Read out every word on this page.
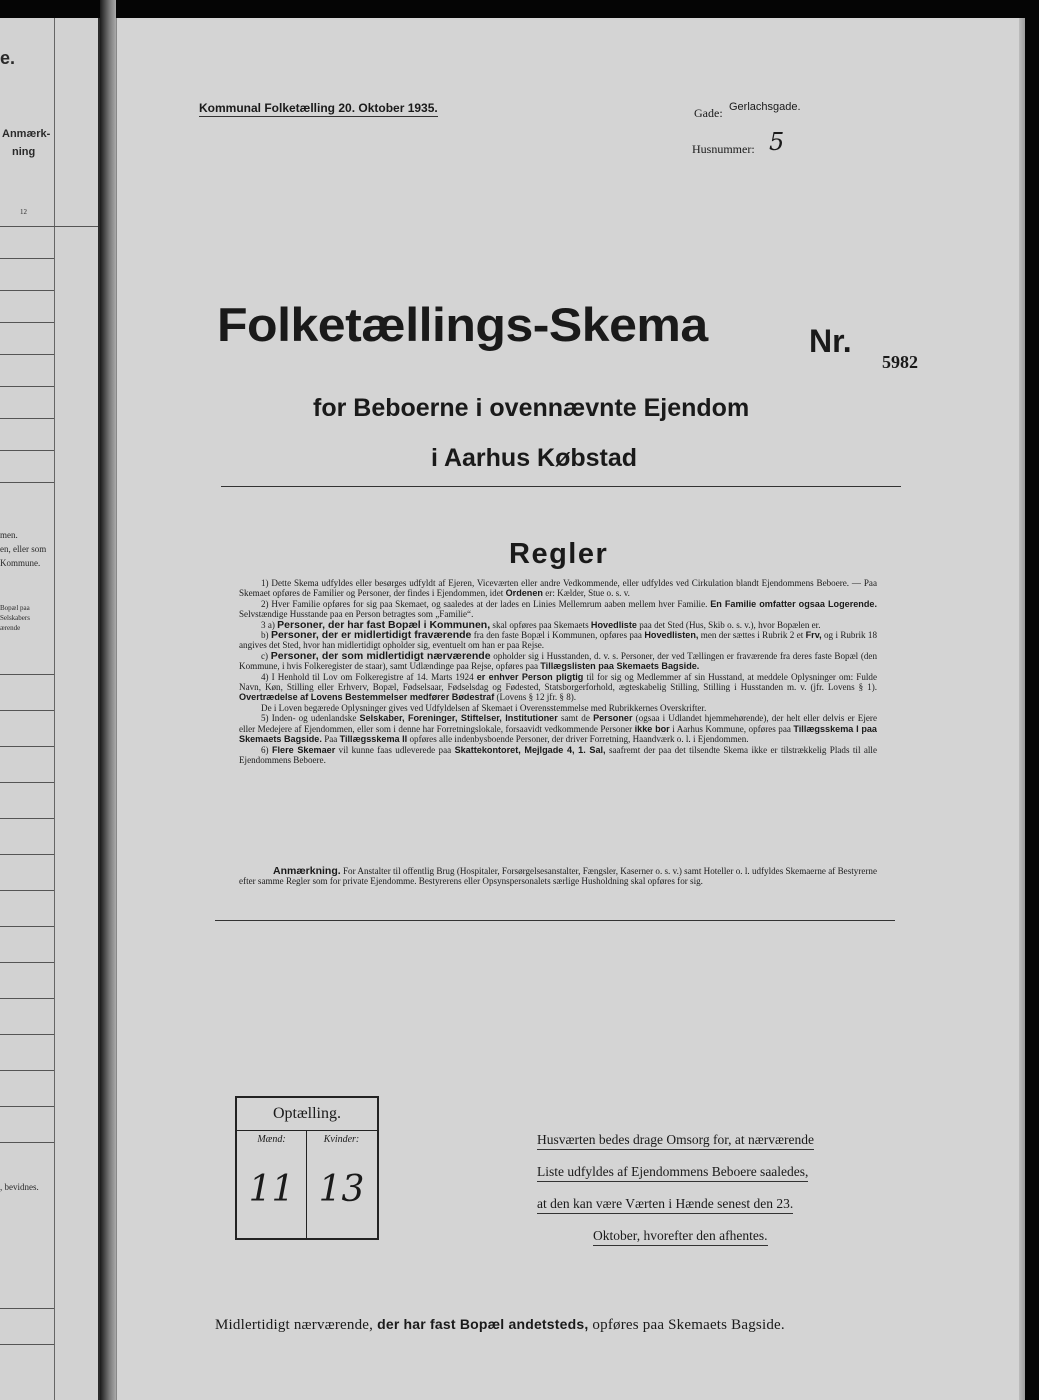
e.
Anmærk-
ning
12
men.
en, eller som
Kommune.
Bopæl paa
Selskabers
ærende
, bevidnes.
Kommunal Folketælling 20. Oktober 1935.	Gade: Gerlachsgade.
Husnummer: 5
Folketællings-Skema	Nr.
5982
for Beboerne i ovennævnte Ejendom
i Aarhus Købstad
Regler

1) Dette Skema udfyldes eller besørges udfyldt af Ejeren, Viceværten eller andre Vedkommende, eller udfyldes ved Cirkulation blandt Ejendommens Beboere. — Paa Skemaet opføres de Familier og Personer, der findes i Ejendommen, idet Ordenen er: Kælder, Stue o. s. v.

2) Hver Familie opføres for sig paa Skemaet, og saaledes at der lades en Linies Mellemrum aaben mellem hver Familie. En Familie omfatter ogsaa Logerende. Selvstændige Husstande paa en Person betragtes som „Familie“.

3 a) Personer, der har fast Bopæl i Kommunen, skal opføres paa Skemaets Hovedliste paa det Sted (Hus, Skib o. s. v.), hvor Bopælen er.

b) Personer, der er midlertidigt fraværende fra den faste Bopæl i Kommunen, opføres paa Hovedlisten, men der sættes i Rubrik 2 et Frv, og i Rubrik 18 angives det Sted, hvor han midlertidigt opholder sig, eventuelt om han er paa Rejse.

c) Personer, der som midlertidigt nærværende opholder sig i Husstanden, d. v. s. Personer, der ved Tællingen er fraværende fra deres faste Bopæl (den Kommune, i hvis Folkeregister de staar), samt Udlændinge paa Rejse, opføres paa Tillægslisten paa Skemaets Bagside.

4) I Henhold til Lov om Folkeregistre af 14. Marts 1924 er enhver Person pligtig til for sig og Medlemmer af sin Husstand, at meddele Oplysninger om: Fulde Navn, Køn, Stilling eller Erhverv, Bopæl, Fødselsaar, Fødselsdag og Fødested, Statsborgerforhold, ægteskabelig Stilling, Stilling i Husstanden m. v. (jfr. Lovens § 1). Overtrædelse af Lovens Bestemmelser medfører Bødestraf (Lovens § 12 jfr. § 8).

De i Loven begærede Oplysninger gives ved Udfyldelsen af Skemaet i Overensstemmelse med Rubrikkernes Overskrifter.

5) Inden- og udenlandske Selskaber, Foreninger, Stiftelser, Institutioner samt de Personer (ogsaa i Udlandet hjemmehørende), der helt eller delvis er Ejere eller Medejere af Ejendommen, eller som i denne har Forretningslokale, forsaavidt vedkommende Personer ikke bor i Aarhus Kommune, opføres paa Tillægsskema I paa Skemaets Bagside. Paa Tillægsskema II opføres alle indenbysboende Personer, der driver Forretning, Haandværk o. l. i Ejendommen.

6) Flere Skemaer vil kunne faas udleverede paa Skattekontoret, Mejlgade 4, 1. Sal, saafremt der paa det tilsendte Skema ikke er tilstrækkelig Plads til alle Ejendommens Beboere.

Anmærkning. For Anstalter til offentlig Brug (Hospitaler, Forsørgelsesanstalter, Fængsler, Kaserner o. s. v.) samt Hoteller o. l. udfyldes Skemaerne af Bestyrerne efter samme Regler som for private Ejendomme. Bestyrerens eller Opsynspersonalets særlige Husholdning skal opføres for sig.

Optælling.
Mænd:
11
Kvinder:
13
Husværten bedes drage Omsorg for, at nærværende
Liste udfyldes af Ejendommens Beboere saaledes,
at den kan være Værten i Hænde senest den 23.
Oktober, hvorefter den afhentes.
Midlertidigt nærværende, der har fast Bopæl andetsteds, opføres paa Skemaets Bagside.
